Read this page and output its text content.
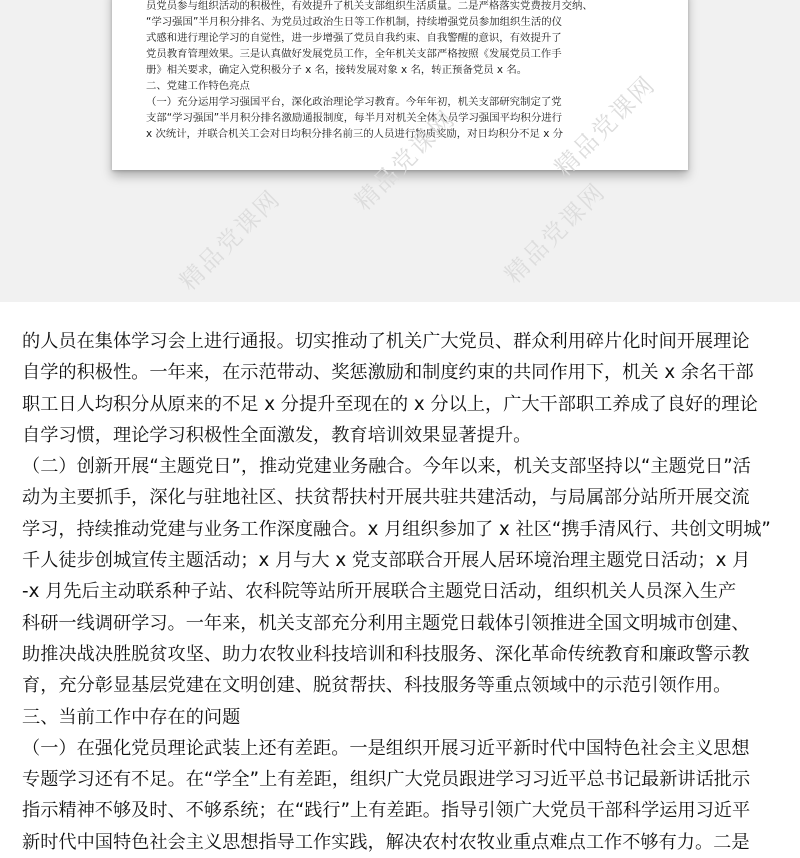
员党员参与组织活动的积极性，有效提升了机关支部组织生活质量。二是严格落实党费按月交纳、
“学习强国”半月积分排名、为党员过政治生日等工作机制，持续增强党员参加组织生活的仪
式感和进行理论学习的自觉性，进一步增强了党员自我约束、自我警醒的意识，有效提升了
党员教育管理效果。三是认真做好发展党员工作，全年机关支部严格按照《发展党员工作手
册》相关要求，确定入党积极分子 x 名，接转发展对象 x 名，转正预备党员 x 名。
二、党建工作特色亮点
（一）充分运用学习强国平台，深化政治理论学习教育。今年年初，机关支部研究制定了党
支部“学习强国”半月积分排名激励通报制度，每半月对机关全体人员学习强国平均积分进行
x 次统计，并联合机关工会对日均积分排名前三的人员进行物质奖励，对日均积分不足 x 分
精品党课网	精品党课网
精品党课网	精品党课网
的人员在集体学习会上进行通报。切实推动了机关广大党员、群众利用碎片化时间开展理论
自学的积极性。一年来，在示范带动、奖惩激励和制度约束的共同作用下，机关 x 余名干部
职工日人均积分从原来的不足 x 分提升至现在的 x 分以上，广大干部职工养成了良好的理论
自学习惯，理论学习积极性全面激发，教育培训效果显著提升。
（二）创新开展“主题党日”，推动党建业务融合。今年以来，机关支部坚持以“主题党日”活
动为主要抓手，深化与驻地社区、扶贫帮扶村开展共驻共建活动，与局属部分站所开展交流
学习，持续推动党建与业务工作深度融合。x 月组织参加了 x 社区“携手清风行、共创文明城”
千人徒步创城宣传主题活动；x 月与大 x 党支部联合开展人居环境治理主题党日活动；x 月
-x 月先后主动联系种子站、农科院等站所开展联合主题党日活动，组织机关人员深入生产
科研一线调研学习。一年来，机关支部充分利用主题党日载体引领推进全国文明城市创建、
助推决战决胜脱贫攻坚、助力农牧业科技培训和科技服务、深化革命传统教育和廉政警示教
育，充分彰显基层党建在文明创建、脱贫帮扶、科技服务等重点领域中的示范引领作用。
三、当前工作中存在的问题
（一）在强化党员理论武装上还有差距。一是组织开展习近平新时代中国特色社会主义思想
专题学习还有不足。在“学全”上有差距，组织广大党员跟进学习习近平总书记最新讲话批示
指示精神不够及时、不够系统；在“践行”上有差距。指导引领广大党员干部科学运用习近平
新时代中国特色社会主义思想指导工作实践，解决农村农牧业重点难点工作不够有力。二是
